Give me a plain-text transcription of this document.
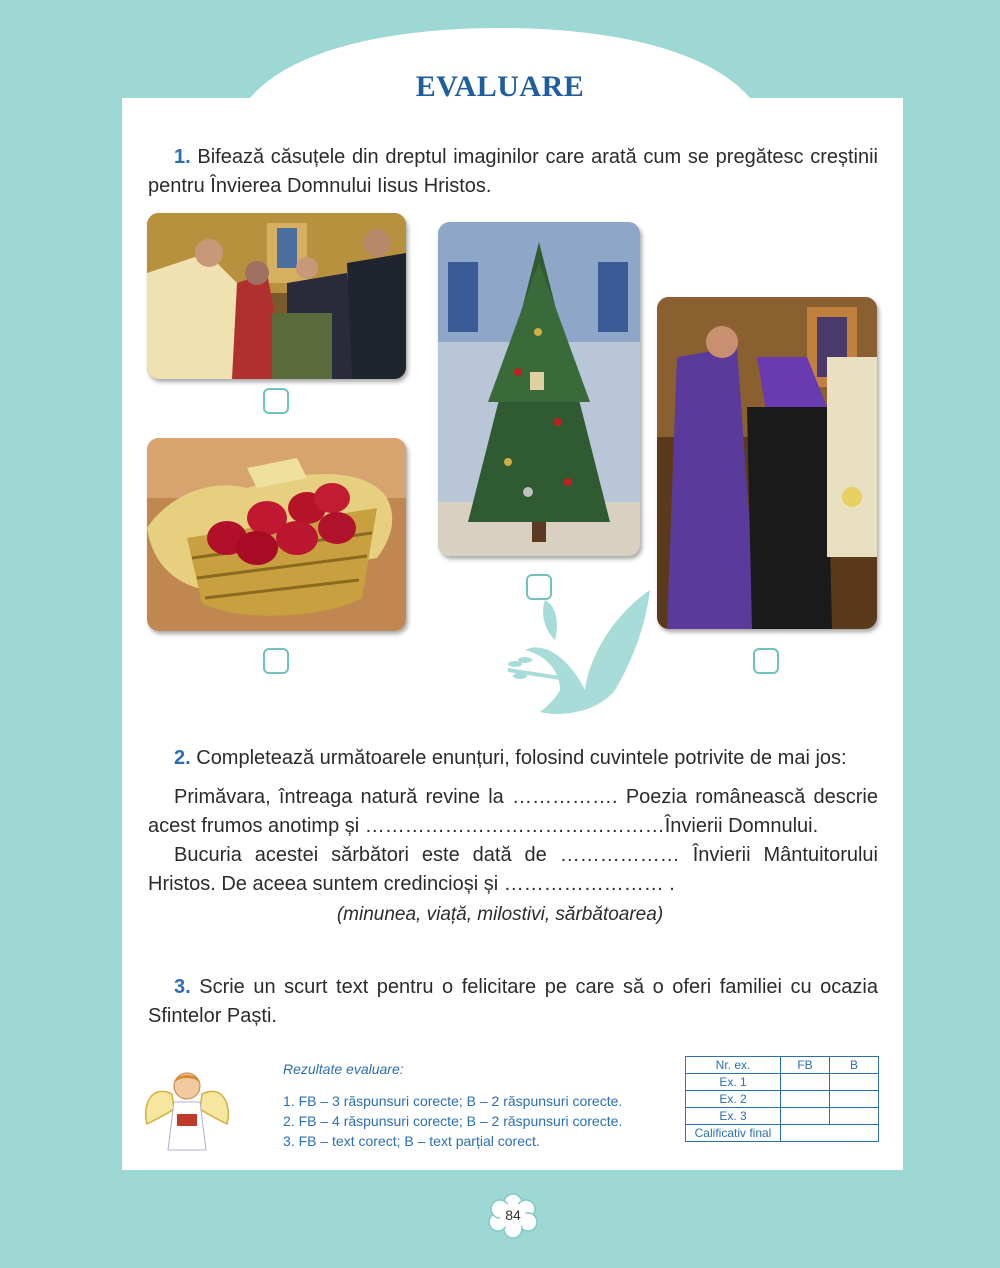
EVALUARE
1. Bifează căsuțele din dreptul imaginilor care arată cum se pregătesc creștinii pentru Învierea Domnului Iisus Hristos.
2. Completează următoarele enunțuri, folosind cuvintele potrivite de mai jos:
Primăvara, întreaga natură revine la ……………. Poezia românească descrie acest frumos anotimp și ………………………………………Învierii Domnului.
Bucuria acestei sărbători este dată de ……………… Învierii Mântuitorului Hristos. De aceea suntem credincioși și …………………… .
(minunea, viață, milostivi, sărbătoarea)
3. Scrie un scurt text pentru o felicitare pe care să o oferi familiei cu ocazia Sfintelor Paști.
Rezultate evaluare:
1. FB – 3 răspunsuri corecte; B – 2 răspunsuri corecte.
2. FB – 4 răspunsuri corecte; B – 2 răspunsuri corecte.
3. FB – text corect; B – text parțial corect.
Nr. ex.	FB	B
Ex. 1		
Ex. 2		
Ex. 3		
Calificativ final		
84
